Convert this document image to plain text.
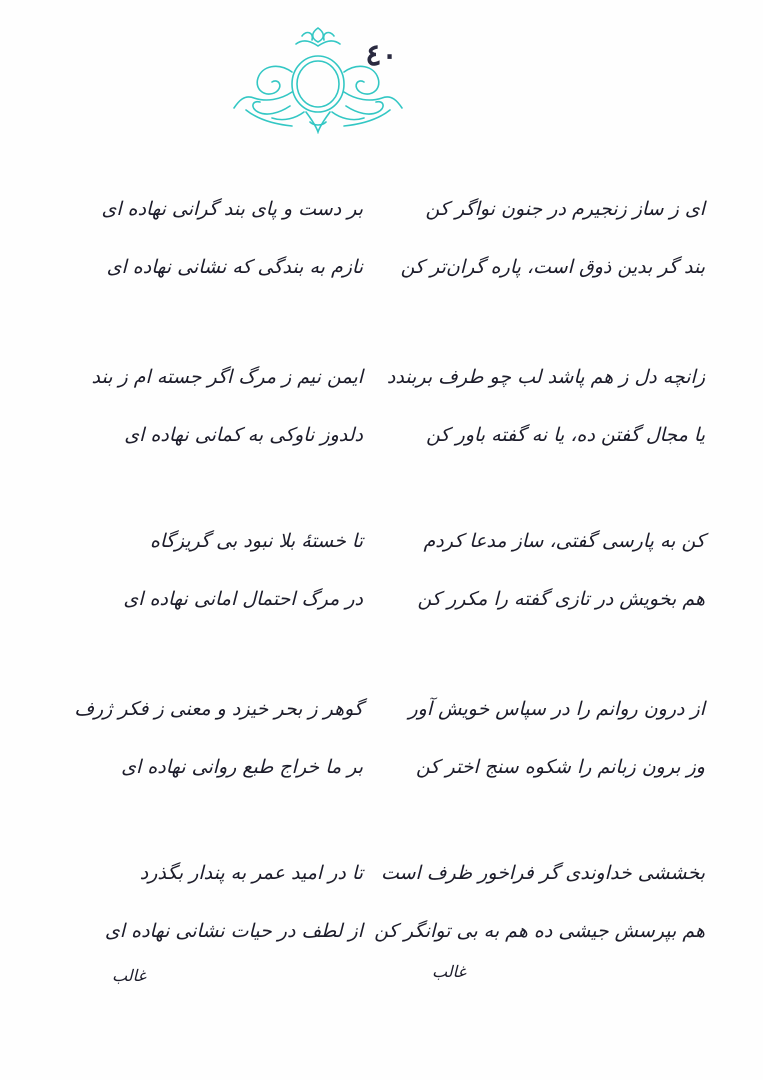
٤٠
ای ز ساز زنجیرم در جنون نواگر کن
بند گر بدین ذوق است، پاره گران‌تر کن
بر دست و پای بند گرانی نهاده ای
نازم به بندگی که نشانی نهاده ای
زانچه دل ز هم پاشد لب چو طرف بربندد
یا مجال گفتن ده، یا نه گفته باور کن
ایمن نیم ز مرگ اگر جسته ام ز بند
دلدوز ناوکی به کمانی نهاده ای
کن به پارسی گفتی، ساز مدعا کردم
هم بخویش در تازی گفته را مکرر کن
تا خستهٔ بلا نبود بی گریزگاه
در مرگ احتمال امانی نهاده ای
از درون روانم را در سپاس خویش آور
وز برون زبانم را شکوه سنج اختر کن
گوهر ز بحر خیزد و معنی ز فکر ژرف
بر ما خراج طبع روانی نهاده ای
بخششی خداوندی گر فراخور ظرف است
هم بپرسش جیشی ده هم به بی توانگر کن
تا در امید عمر به پندار بگذرد
از لطف در حیات نشانی نهاده ای
غالب	غالب
